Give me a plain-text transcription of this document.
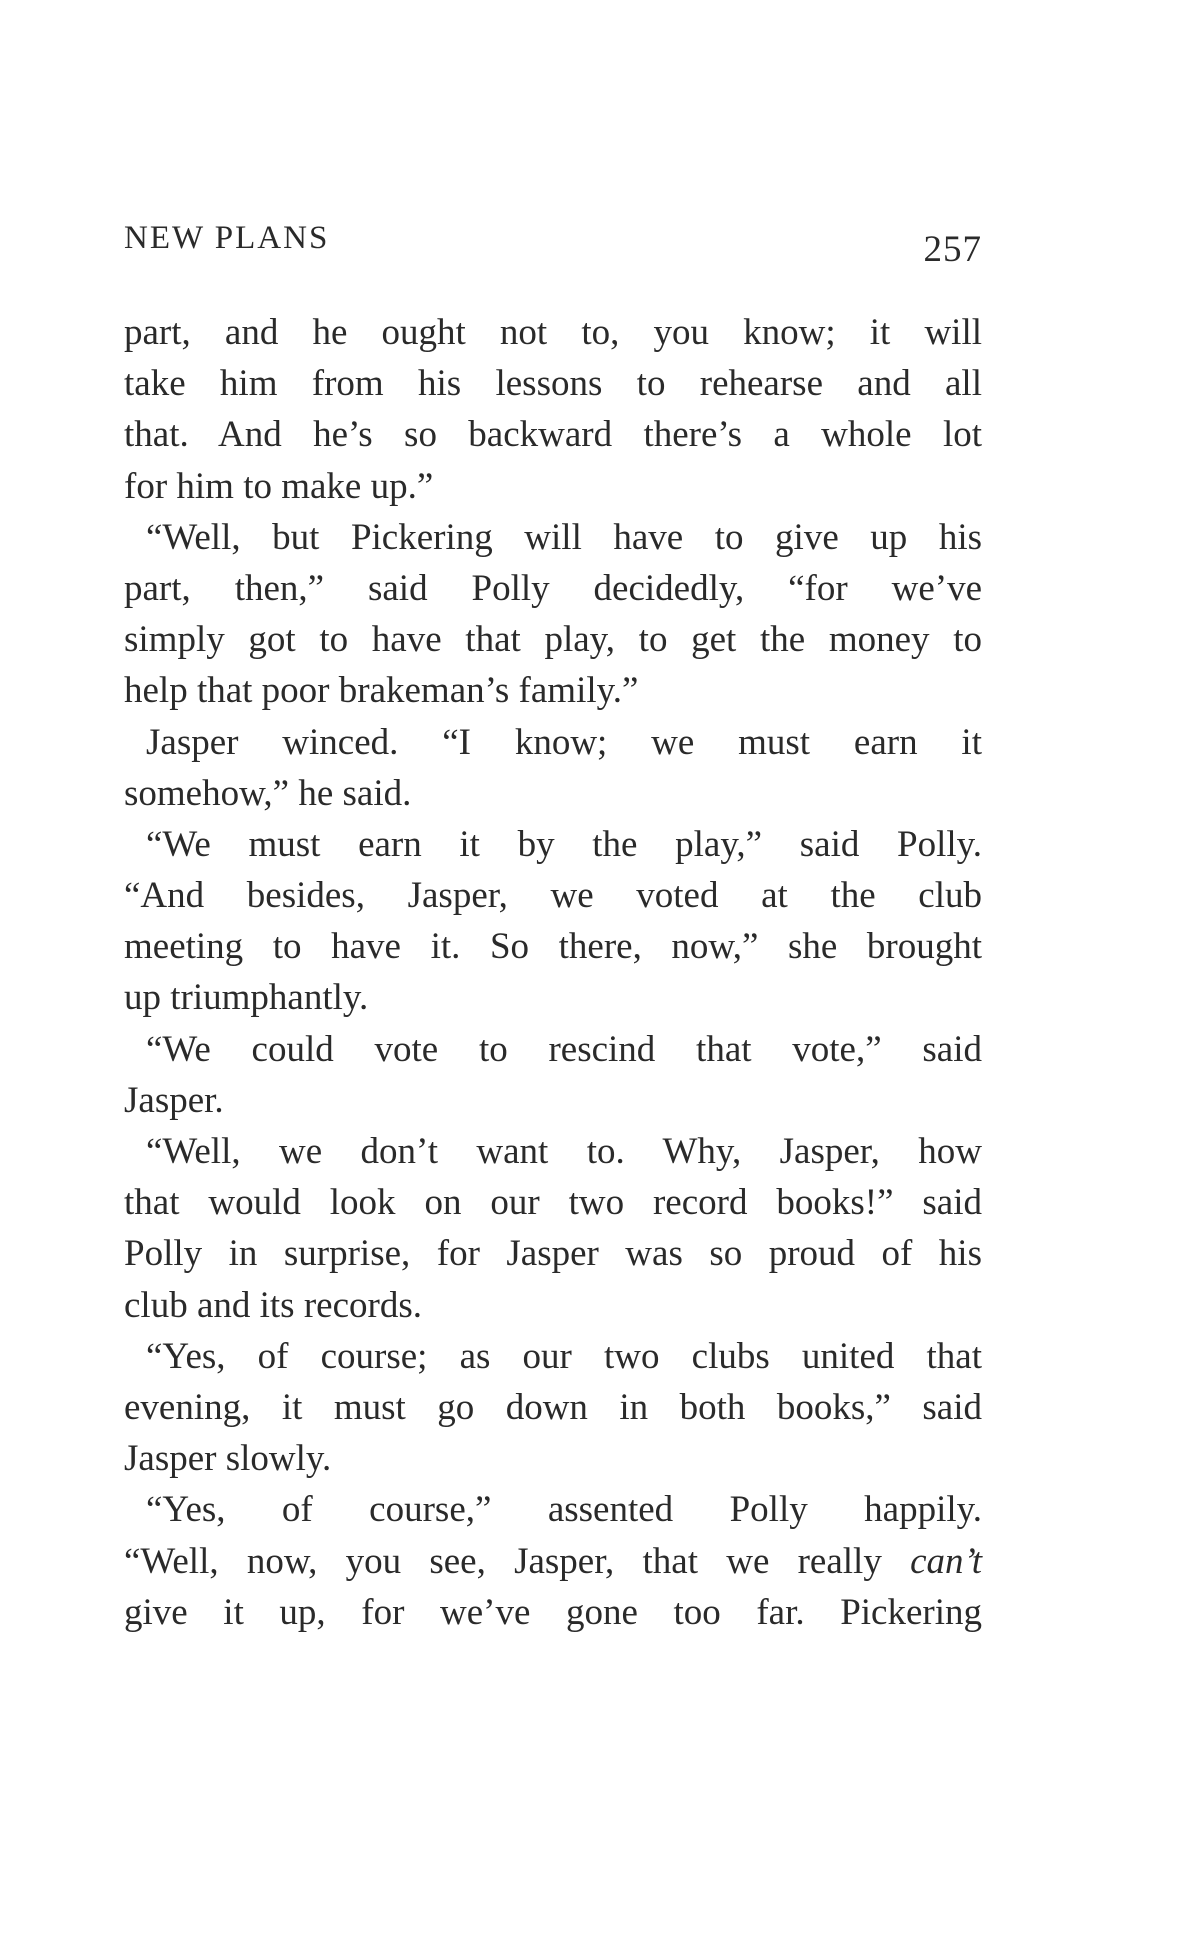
NEW PLANS	257
part, and he ought not to, you know; it will
take him from his lessons to rehearse and all
that. And he’s so backward there’s a whole lot
for him to make up.”
“Well, but Pickering will have to give up his
part, then,” said Polly decidedly, “for we’ve
simply got to have that play, to get the money to
help that poor brakeman’s family.”
Jasper winced. “I know; we must earn it
somehow,” he said.
“We must earn it by the play,” said Polly.
“And besides, Jasper, we voted at the club
meeting to have it. So there, now,” she brought
up triumphantly.
“We could vote to rescind that vote,” said
Jasper.
“Well, we don’t want to. Why, Jasper, how
that would look on our two record books!” said
Polly in surprise, for Jasper was so proud of his
club and its records.
“Yes, of course; as our two clubs united that
evening, it must go down in both books,” said
Jasper slowly.
“Yes, of course,” assented Polly happily.
“Well, now, you see, Jasper, that we really can’t
give it up, for we’ve gone too far. Pickering
